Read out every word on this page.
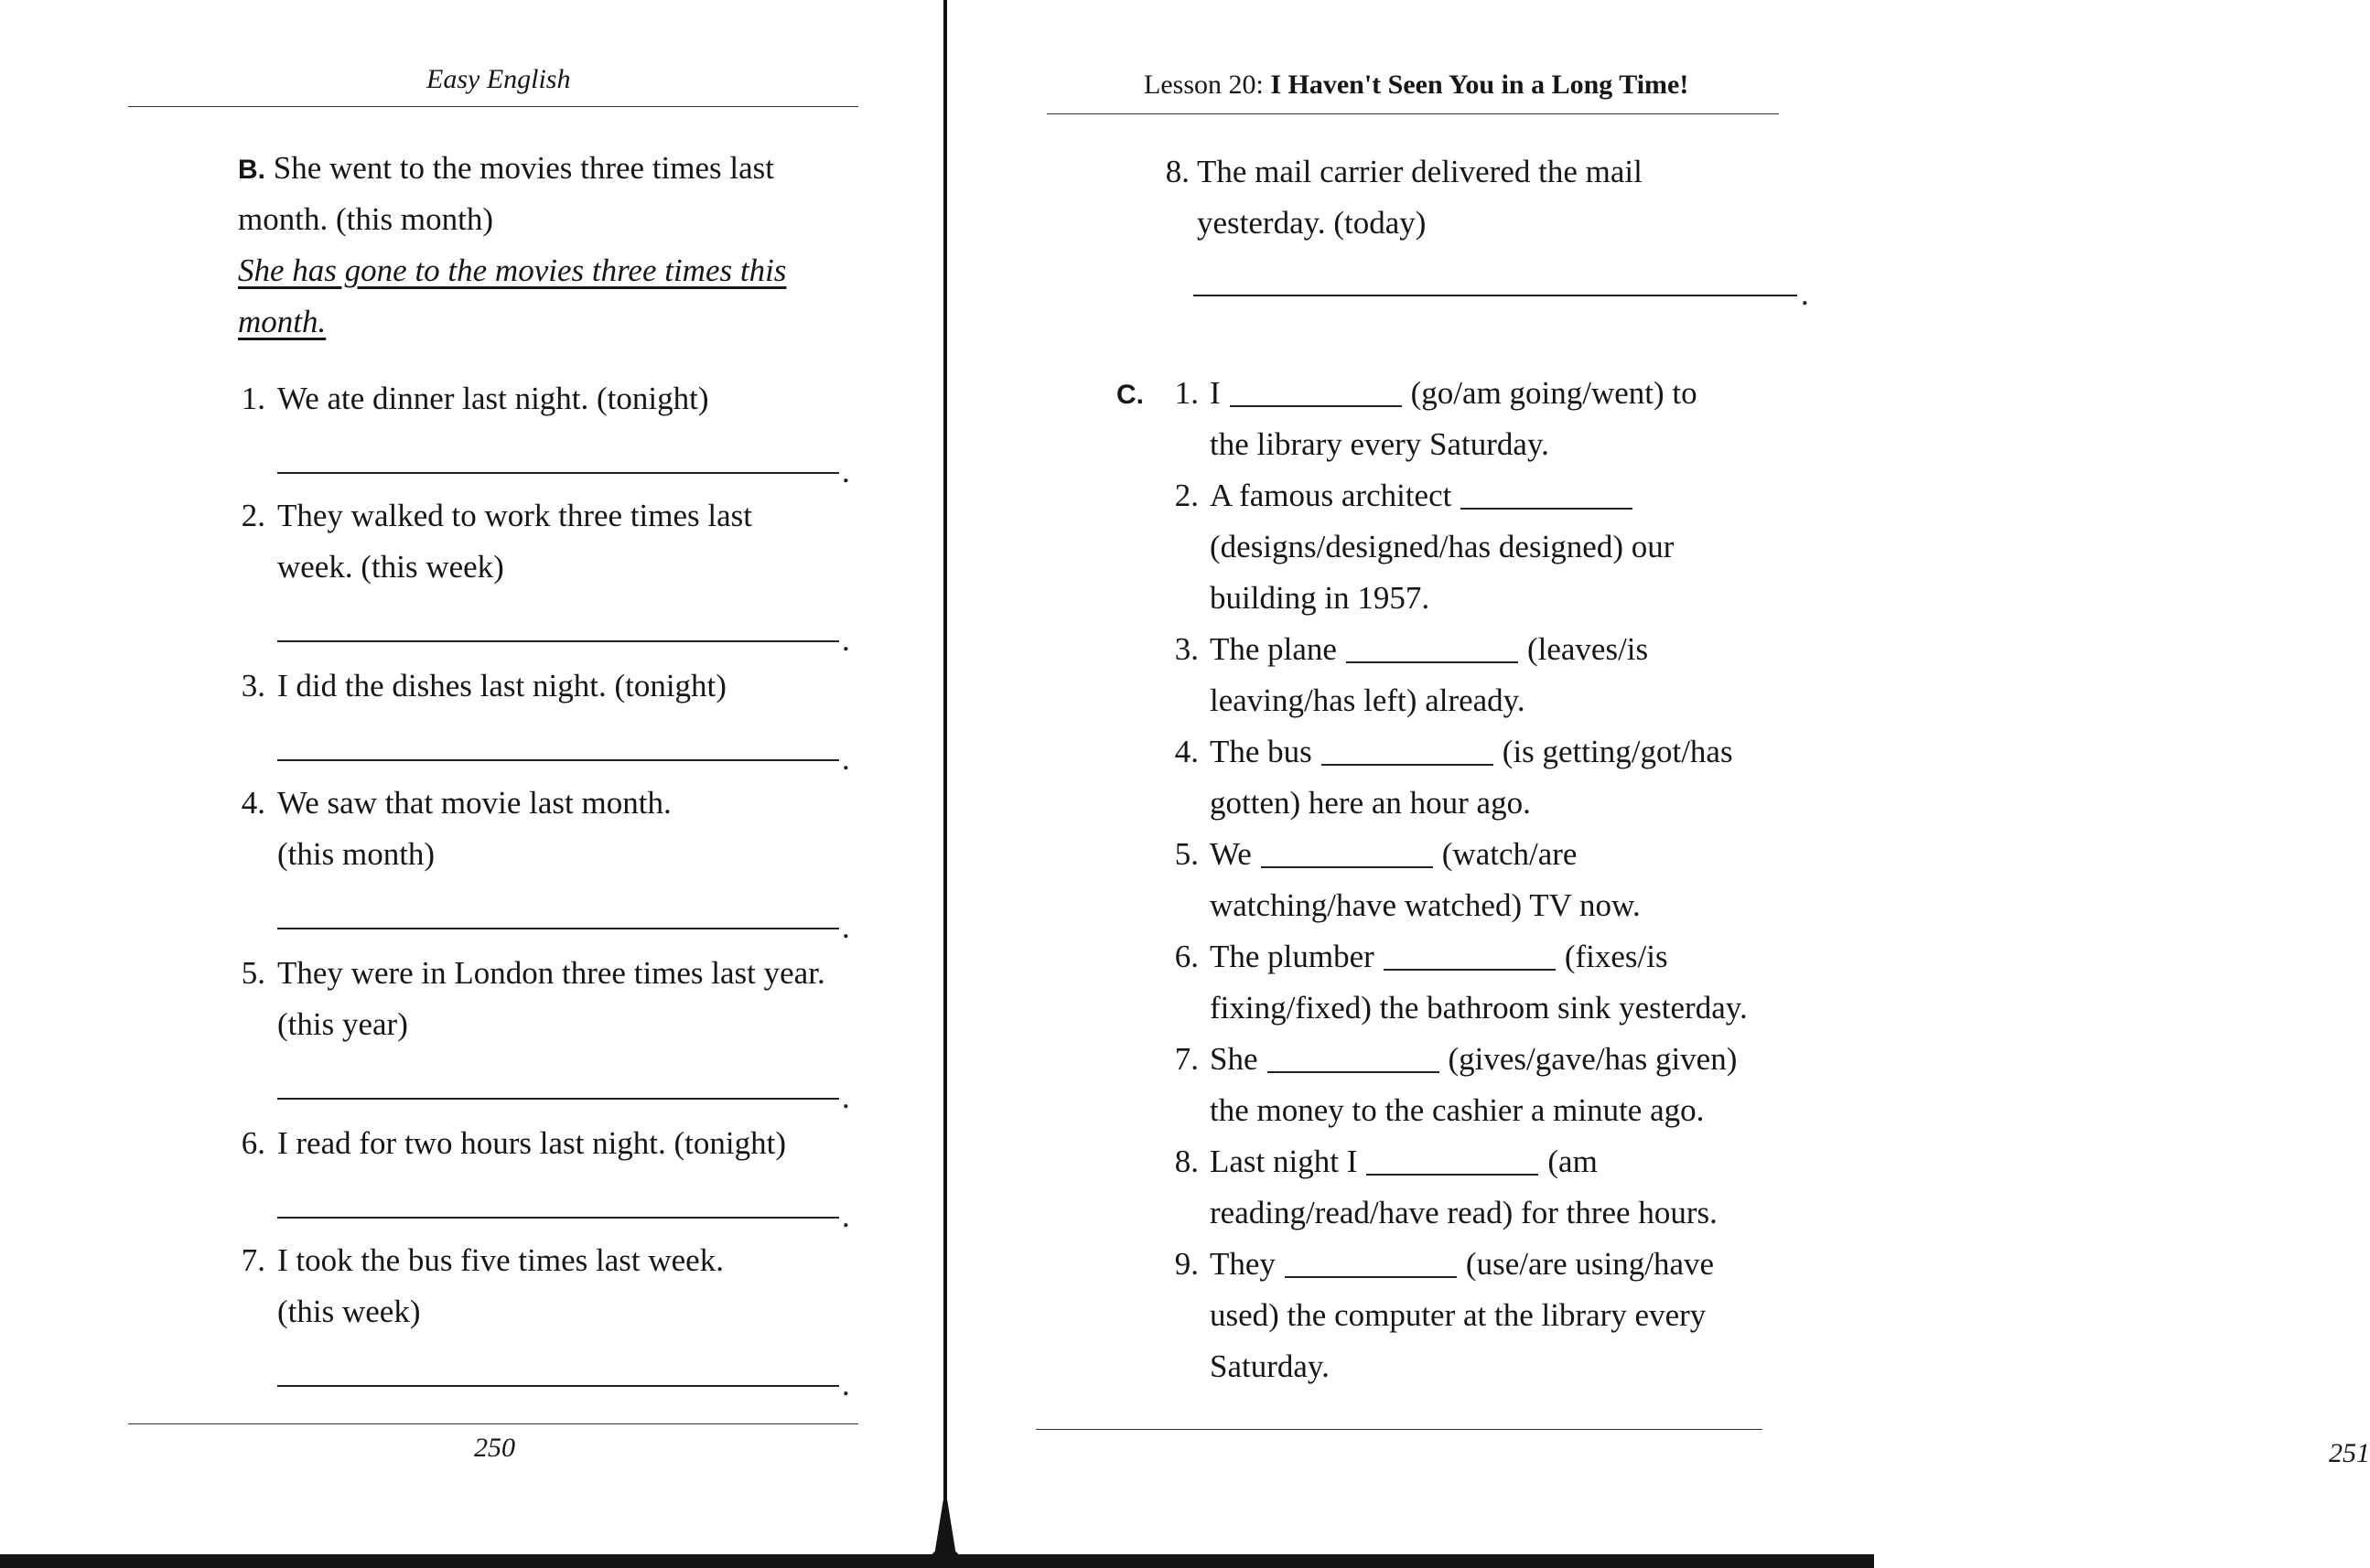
Easy English
B. She went to the movies three times last
month. (this month)
She has gone to the movies three times this
month.
1. We ate dinner last night. (tonight)
.
2. They walked to work three times last
week. (this week)
.
3. I did the dishes last night. (tonight)
.
4. We saw that movie last month.
(this month)
.
5. They were in London three times last year.
(this year)
.
6. I read for two hours last night. (tonight)
.
7. I took the bus five times last week.
(this week)
.
250
Lesson 20: I Haven't Seen You in a Long Time!
8. The mail carrier delivered the mail
yesterday. (today)
.
C. 1. I	(go/am going/went) to
the library every Saturday.
2. A famous architect
(designs/designed/has designed) our
building in 1957.
3. The plane	(leaves/is
leaving/has left) already.
4. The bus	(is getting/got/has
gotten) here an hour ago.
5. We	(watch/are
watching/have watched) TV now.
6. The plumber	(fixes/is
fixing/fixed) the bathroom sink yesterday.
7. She	(gives/gave/has given)
the money to the cashier a minute ago.
8. Last night I	(am
reading/read/have read) for three hours.
9. They	(use/are using/have
used) the computer at the library every
Saturday.
251
